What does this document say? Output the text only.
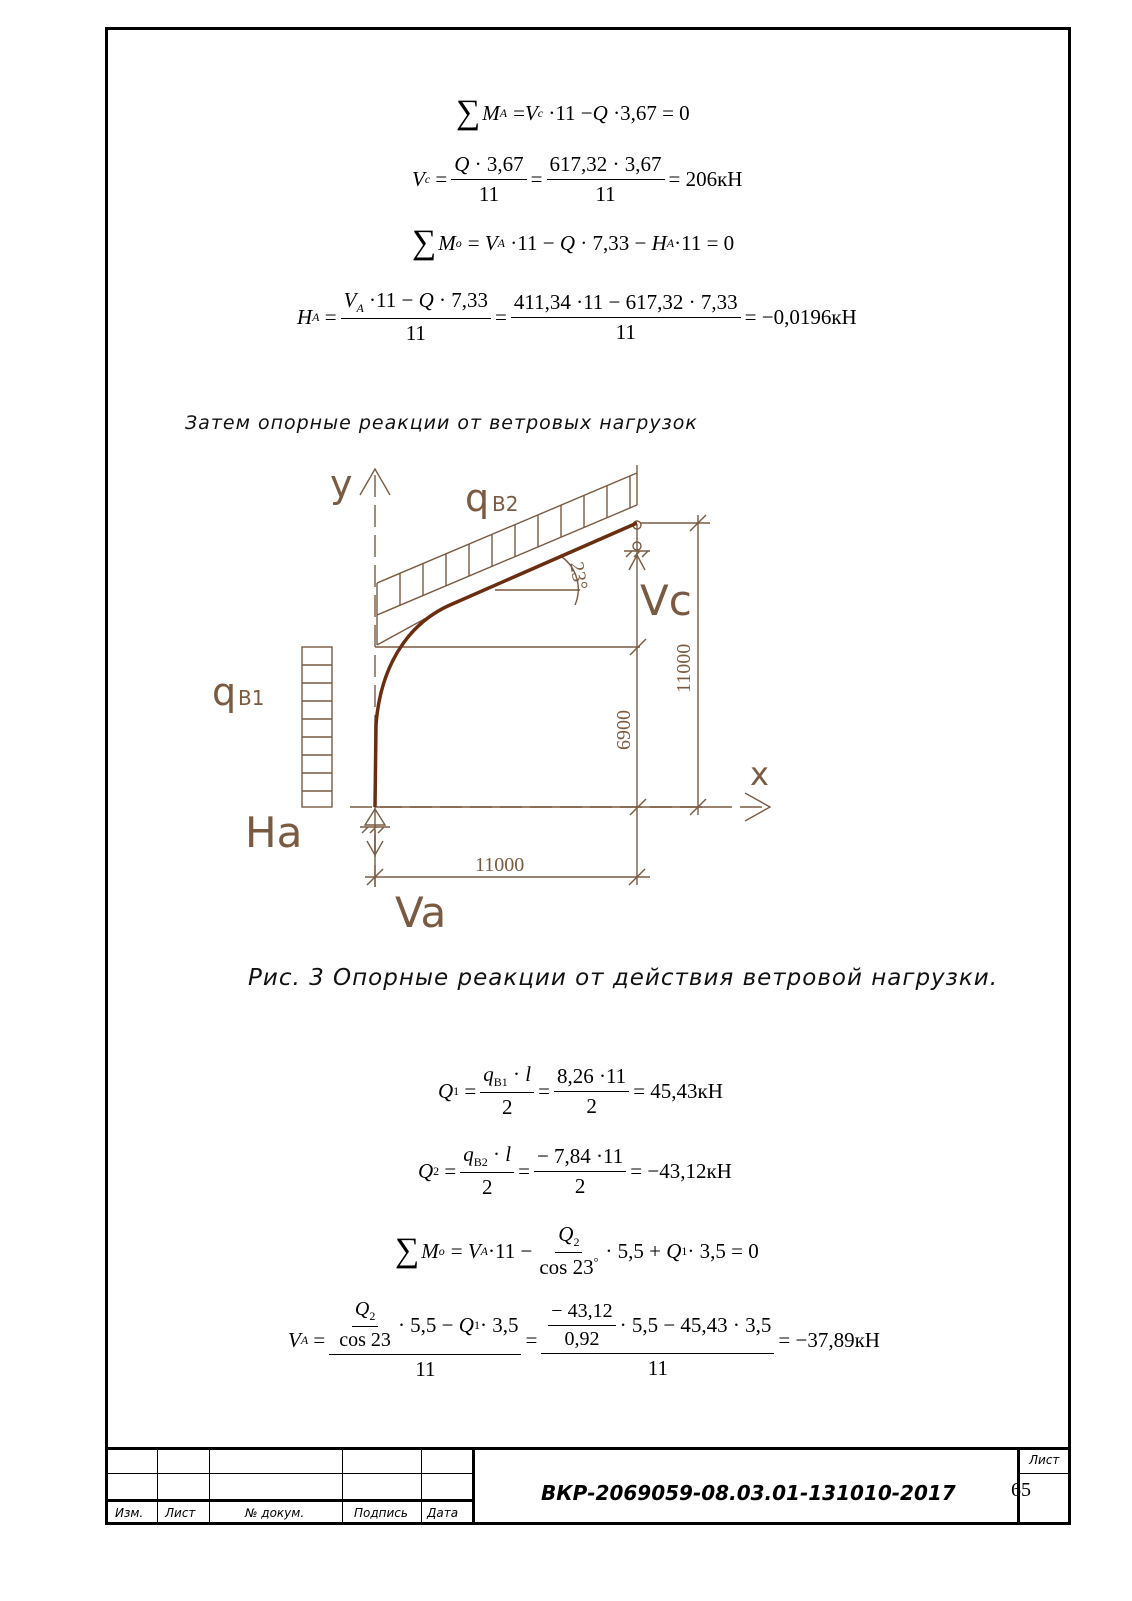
∑ M A = V c ·11 − Q ·3,67 = 0
V $c = \frac{Q \cdot 3,67}{11} = \frac{617,32 \cdot 3,67}{11} = 206кН$
∑ M o = V A ·11 − Q · 7,33 − H A ·11 = 0
H $A = \frac{V_A \cdot 11 - Q \cdot 7,33}{11} = \frac{411,34 \cdot 11 - 617,32 \cdot 7,33}{11} = -0,0196кН$
Затем опорные реакции от ветровых нагрузок
y
x
q B2
q B1
23°
Vc
Ha
Va
11000
11000
6900
Рис. 3 Опорные реакции от действия ветровой нагрузки.
Q $1 = \frac{q_{B1} \cdot l}{2} = \frac{8,26 \cdot 11}{2} = 45,43кН$
Q $2 = \frac{q_{B2} \cdot l}{2} = \frac{- 7,84 \cdot 11}{2} = -43,12кН$
∑ M o = V $A \cdot 11 - \frac{Q_2}{\cos 23^\circ} \cdot 5,5 + Q$ 1 · 3,5 = 0
V $A = \frac{\frac{Q_2}{\cos 23} \cdot 5,5 - Q 1 \cdot 3,5}{11} = \frac{\frac{- 43,12}{0,92} \cdot 5,5 - 45,43 \cdot 3,5}{11} = -37,89кН$
Изм. Лист	№ докум.	Подпись Дата
ВКР-2069059-08.03.01-131010-2017
Лист
65
